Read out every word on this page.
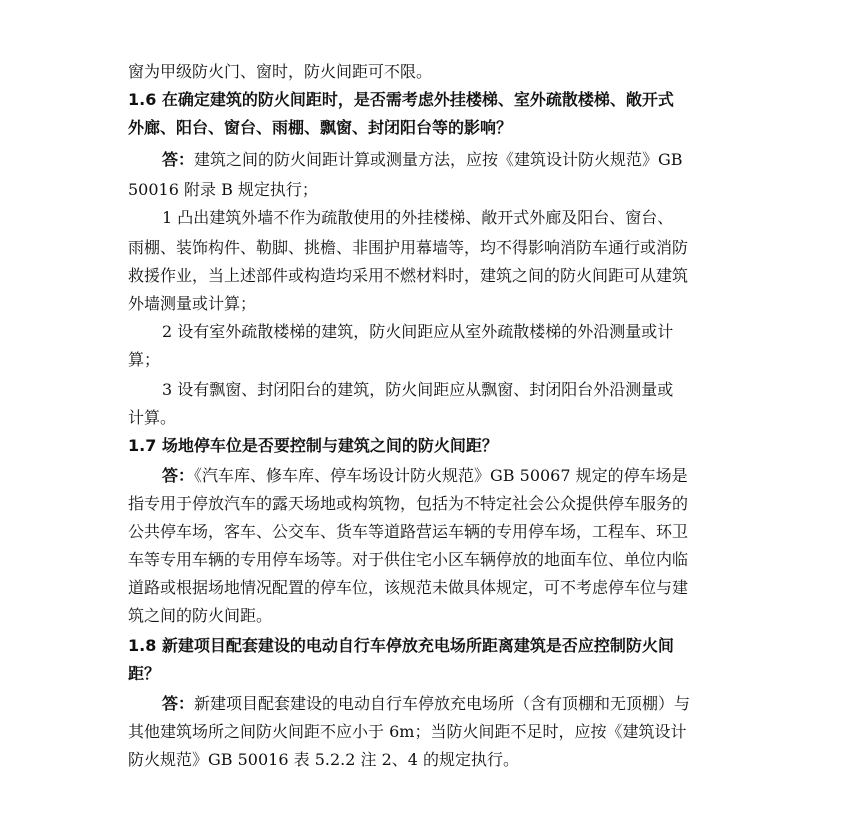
窗为甲级防火门、窗时，防火间距可不限。
1.6 在确定建筑的防火间距时，是否需考虑外挂楼梯、室外疏散楼梯、敞开式
外廊、阳台、窗台、雨棚、飘窗、封闭阳台等的影响？
答：建筑之间的防火间距计算或测量方法，应按《建筑设计防火规范》GB
50016 附录 B 规定执行；
1 凸出建筑外墙不作为疏散使用的外挂楼梯、敞开式外廊及阳台、窗台、
雨棚、装饰构件、勒脚、挑檐、非围护用幕墙等，均不得影响消防车通行或消防
救援作业，当上述部件或构造均采用不燃材料时，建筑之间的防火间距可从建筑
外墙测量或计算；
2 设有室外疏散楼梯的建筑，防火间距应从室外疏散楼梯的外沿测量或计
算；
3 设有飘窗、封闭阳台的建筑，防火间距应从飘窗、封闭阳台外沿测量或
计算。
1.7 场地停车位是否要控制与建筑之间的防火间距？
答：《汽车库、修车库、停车场设计防火规范》GB 50067 规定的停车场是
指专用于停放汽车的露天场地或构筑物，包括为不特定社会公众提供停车服务的
公共停车场，客车、公交车、货车等道路营运车辆的专用停车场，工程车、环卫
车等专用车辆的专用停车场等。对于供住宅小区车辆停放的地面车位、单位内临
道路或根据场地情况配置的停车位，该规范未做具体规定，可不考虑停车位与建
筑之间的防火间距。
1.8 新建项目配套建设的电动自行车停放充电场所距离建筑是否应控制防火间
距？
答：新建项目配套建设的电动自行车停放充电场所（含有顶棚和无顶棚）与
其他建筑场所之间防火间距不应小于 6m；当防火间距不足时，应按《建筑设计
防火规范》GB 50016 表 5.2.2 注 2、4 的规定执行。
